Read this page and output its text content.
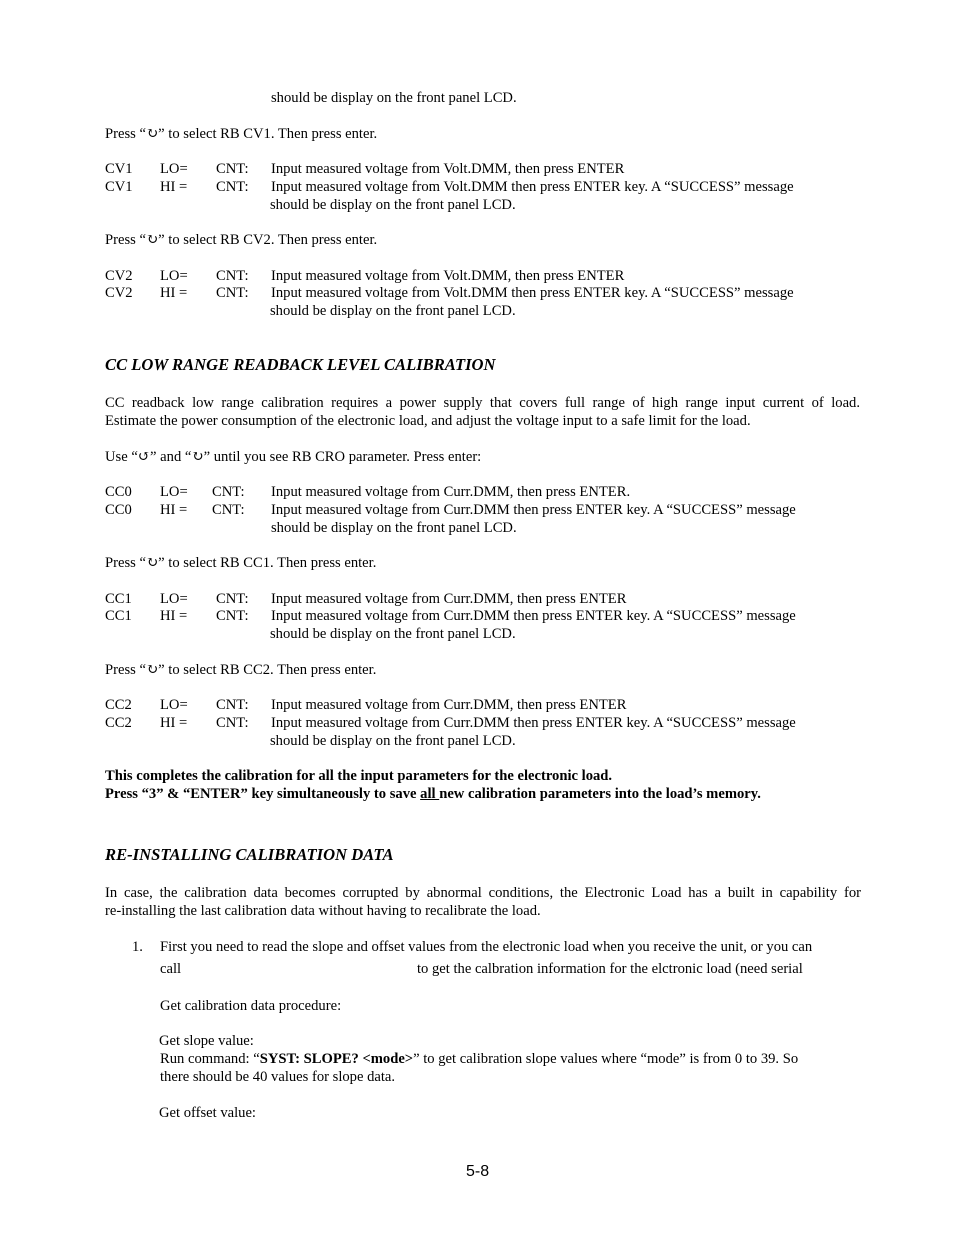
should be display on the front panel LCD.
Press “↻” to select RB CV1. Then press enter.
CV1 LO= CNT: Input measured voltage from Volt.DMM, then press ENTER
CV1 HI = CNT: Input measured voltage from Volt.DMM then press ENTER key. A “SUCCESS” message
should be display on the front panel LCD.
Press “↻” to select RB CV2. Then press enter.
CV2 LO= CNT: Input measured voltage from Volt.DMM, then press ENTER
CV2 HI = CNT: Input measured voltage from Volt.DMM then press ENTER key. A “SUCCESS” message
should be display on the front panel LCD.
CC LOW RANGE READBACK LEVEL CALIBRATION
CC readback low range calibration requires a power supply that covers full range of high range input current of load.
Estimate the power consumption of the electronic load, and adjust the voltage input to a safe limit for the load.
Use “↺” and “↻” until you see RB CRO parameter. Press enter:
CC0 LO= CNT: Input measured voltage from Curr.DMM, then press ENTER.
CC0 HI = CNT: Input measured voltage from Curr.DMM then press ENTER key. A “SUCCESS” message
should be display on the front panel LCD.
Press “↻” to select RB CC1. Then press enter.
CC1 LO= CNT: Input measured voltage from Curr.DMM, then press ENTER
CC1 HI = CNT: Input measured voltage from Curr.DMM then press ENTER key. A “SUCCESS” message
should be display on the front panel LCD.
Press “↻” to select RB CC2. Then press enter.
CC2 LO= CNT: Input measured voltage from Curr.DMM, then press ENTER
CC2 HI = CNT: Input measured voltage from Curr.DMM then press ENTER key. A “SUCCESS” message
should be display on the front panel LCD.
This completes the calibration for all the input parameters for the electronic load.
Press “3” & “ENTER” key simultaneously to save all new calibration parameters into the load’s memory.
RE-INSTALLING CALIBRATION DATA
In case, the calibration data becomes corrupted by abnormal conditions, the Electronic Load has a built in capability for
re-installing the last calibration data without having to recalibrate the load.
1. First you need to read the slope and offset values from the electronic load when you receive the unit, or you can
call	to get the calbration information for the elctronic load (need serial
Get calibration data procedure:
Get slope value:
Run command: “SYST: SLOPE? <mode>” to get calibration slope values where “mode” is from 0 to 39. So
there should be 40 values for slope data.
Get offset value:
5-8
